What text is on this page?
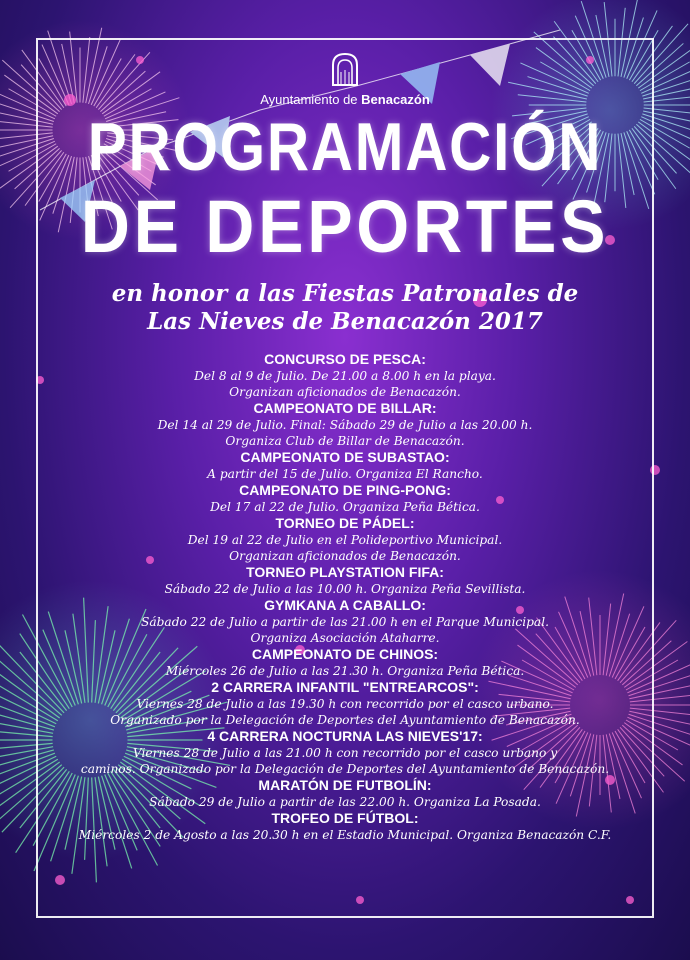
Ayuntamiento de Benacazón
PROGRAMACIÓN
DE DEPORTES
en honor a las Fiestas Patronales de
Las Nieves de Benacazón 2017
CONCURSO DE PESCA:
Del 8 al 9 de Julio. De 21.00 a 8.00 h en la playa.
Organizan aficionados de Benacazón.
CAMPEONATO DE BILLAR:
Del 14 al 29 de Julio. Final: Sábado 29 de Julio a las 20.00 h.
Organiza Club de Billar de Benacazón.
CAMPEONATO DE SUBASTAO:
A partir del 15 de Julio. Organiza El Rancho.
CAMPEONATO DE PING-PONG:
Del 17 al 22 de Julio. Organiza Peña Bética.
TORNEO DE PÁDEL:
Del 19 al 22 de Julio en el Polideportivo Municipal.
Organizan aficionados de Benacazón.
TORNEO PLAYSTATION FIFA:
Sábado 22 de Julio a las 10.00 h. Organiza Peña Sevillista.
GYMKANA A CABALLO:
Sábado 22 de Julio a partir de las 21.00 h en el Parque Municipal.
Organiza Asociación Ataharre.
CAMPEONATO DE CHINOS:
Miércoles 26 de Julio a las 21.30 h. Organiza Peña Bética.
2 CARRERA INFANTIL "ENTREARCOS":
Viernes 28 de Julio a las 19.30 h con recorrido por el casco urbano.
Organizado por la Delegación de Deportes del Ayuntamiento de Benacazón.
4 CARRERA NOCTURNA LAS NIEVES'17:
Viernes 28 de Julio a las 21.00 h con recorrido por el casco urbano y
caminos. Organizado por la Delegación de Deportes del Ayuntamiento de Benacazón.
MARATÓN DE FUTBOLÍN:
Sábado 29 de Julio a partir de las 22.00 h. Organiza La Posada.
TROFEO DE FÚTBOL:
Miércoles 2 de Agosto a las 20.30 h en el Estadio Municipal. Organiza Benacazón C.F.
